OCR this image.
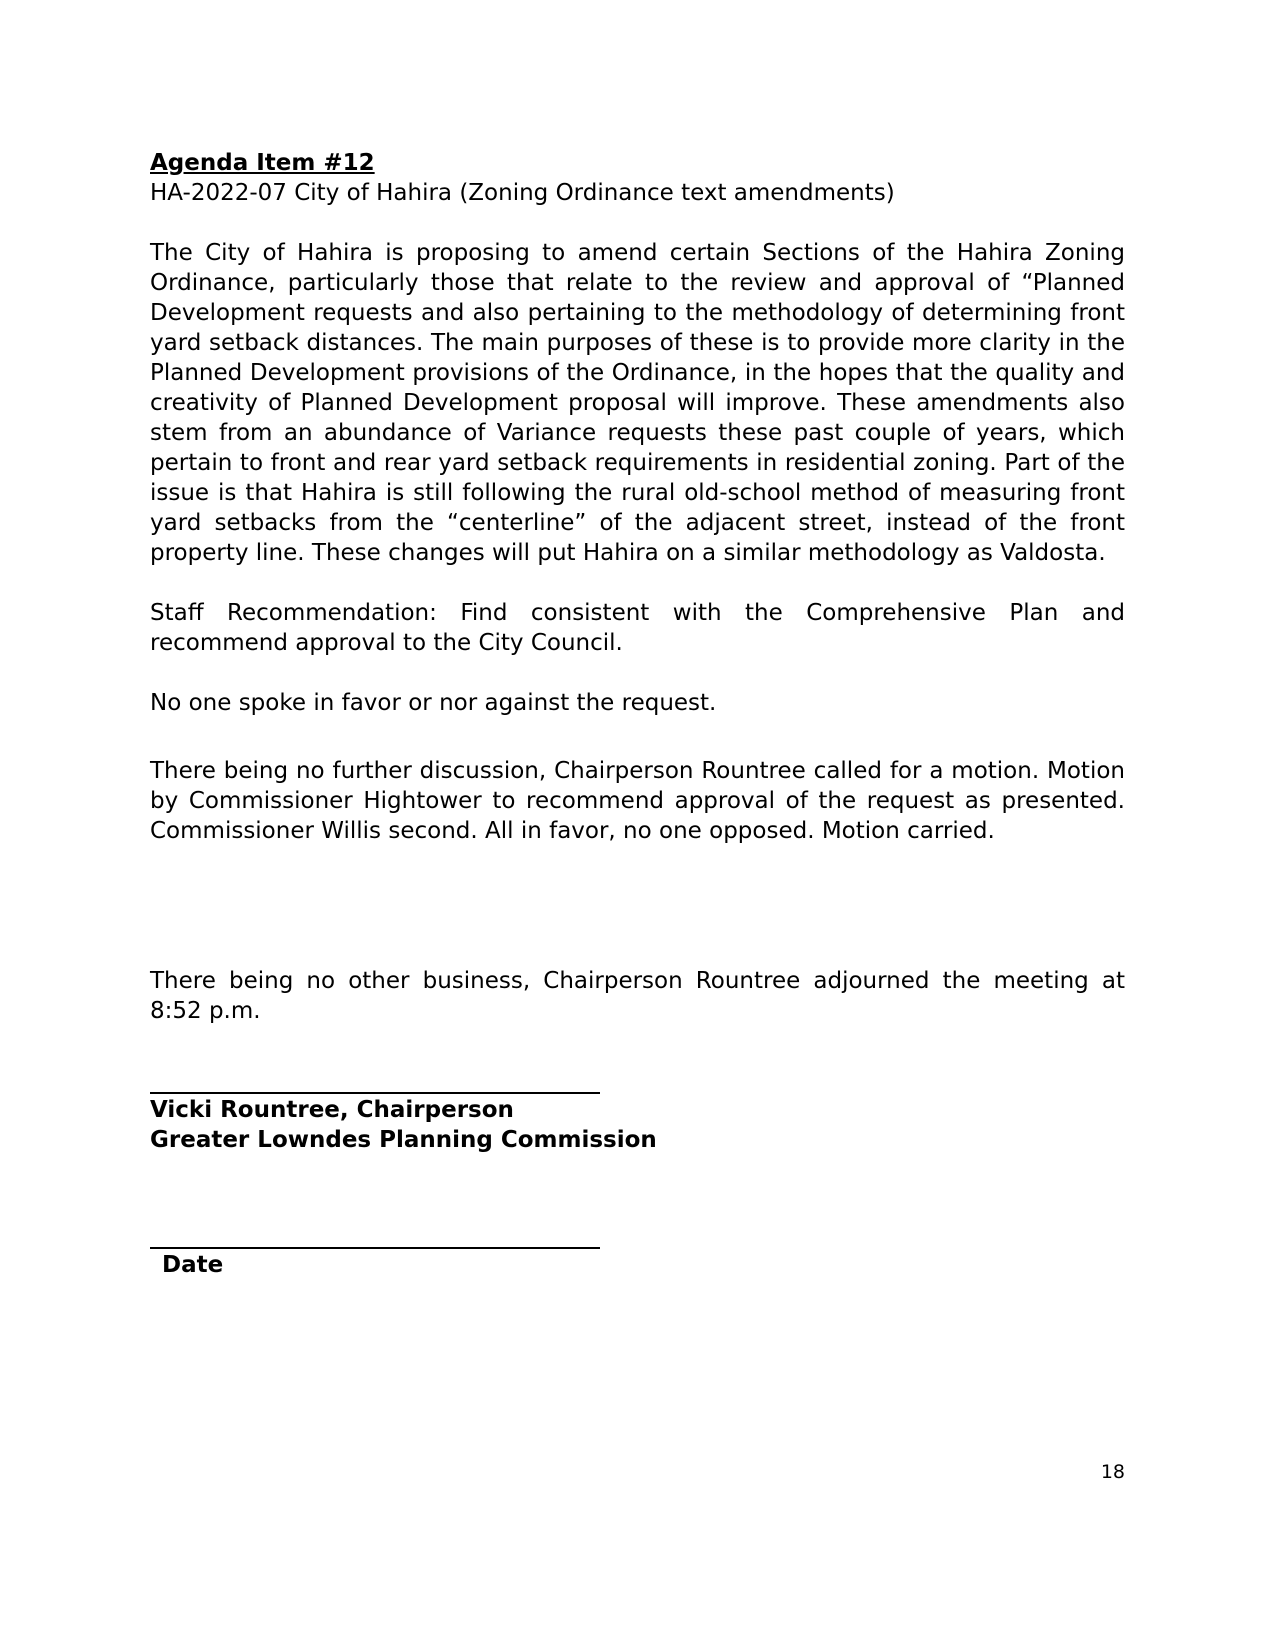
Agenda Item #12

HA-2022-07 City of Hahira (Zoning Ordinance text amendments)

The City of Hahira is proposing to amend certain Sections of the Hahira Zoning Ordinance, particularly those that relate to the review and approval of “Planned Development requests and also pertaining to the methodology of determining front yard setback distances. The main purposes of these is to provide more clarity in the Planned Development provisions of the Ordinance, in the hopes that the quality and creativity of Planned Development proposal will improve. These amendments also stem from an abundance of Variance requests these past couple of years, which pertain to front and rear yard setback requirements in residential zoning. Part of the issue is that Hahira is still following the rural old-school method of measuring front yard setbacks from the “centerline” of the adjacent street, instead of the front property line. These changes will put Hahira on a similar methodology as Valdosta.

Staff Recommendation: Find consistent with the Comprehensive Plan and recommend approval to the City Council.

No one spoke in favor or nor against the request.

There being no further discussion, Chairperson Rountree called for a motion. Motion by Commissioner Hightower to recommend approval of the request as presented. Commissioner Willis second. All in favor, no one opposed. Motion carried.

There being no other business, Chairperson Rountree adjourned the meeting at 8:52 p.m.

Vicki Rountree, Chairperson

Greater Lowndes Planning Commission

Date

18
